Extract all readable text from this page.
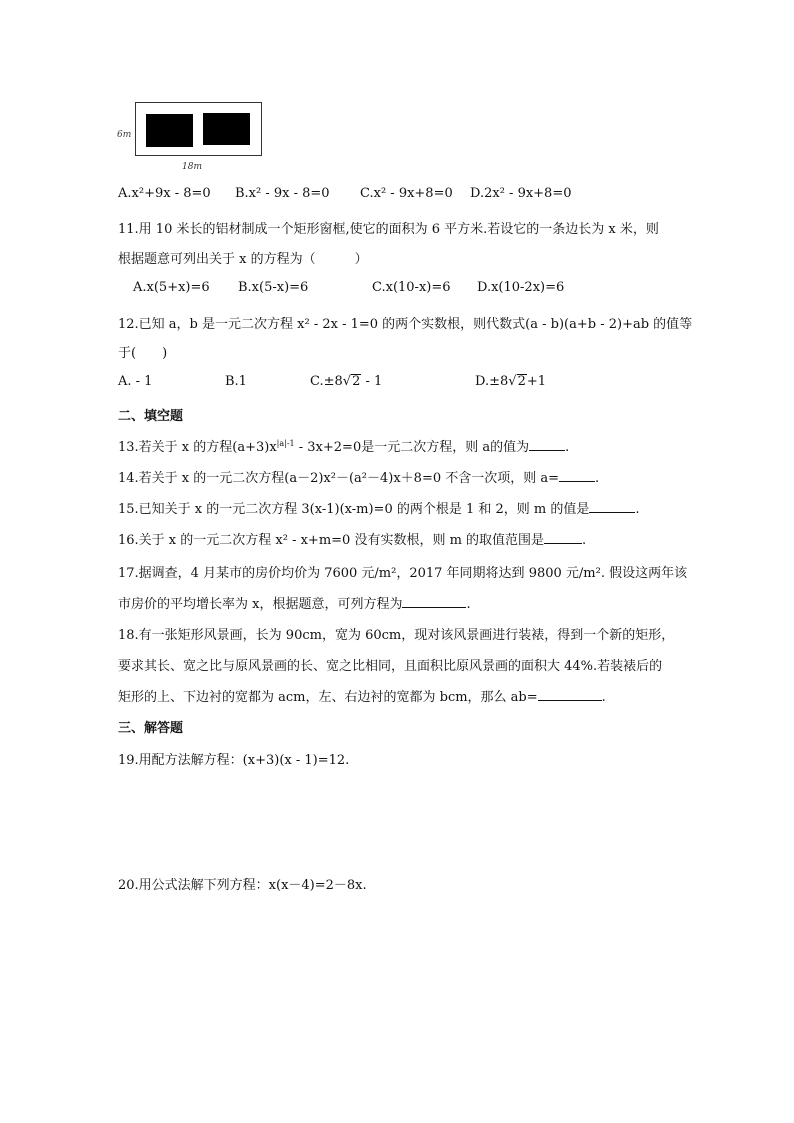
6m
18m
A.x²+9x - 8=0 B.x² - 9x - 8=0 C.x² - 9x+8=0 D.2x² - 9x+8=0
11.用 10 米长的铝材制成一个矩形窗框,使它的面积为 6 平方米.若设它的一条边长为 x 米，则
根据题意可列出关于 x 的方程为（　　　）
A.x(5+x)=6 B.x(5-x)=6	C.x(10-x)=6 D.x(10-2x)=6
12.已知 a，b 是一元二次方程 x² - 2x - 1=0 的两个实数根，则代数式(a - b)(a+b - 2)+ab 的值等
于(　　)
A. - 1	B.1	C.±8√2 - 1	D.±8√2+1
二、填空题
13.若关于 x 的方程$(a+3)x^{|a|-1} - 3x+2=0$是一元二次方程，则 a的值为	.
14.若关于 x 的一元二次方程(a－2)x²－(a²－4)x＋8=0 不含一次项，则 a=	.
15.已知关于 x 的一元二次方程 3(x-1)(x-m)=0 的两个根是 1 和 2，则 m 的值是	.
16.关于 x 的一元二次方程 x² - x+m=0 没有实数根，则 m 的取值范围是	.
17.据调查，4 月某市的房价均价为 7600 元/m²，2017 年同期将达到 9800 元/m². 假设这两年该
市房价的平均增长率为 x，根据题意，可列方程为	.
18.有一张矩形风景画，长为 90cm，宽为 60cm，现对该风景画进行装裱，得到一个新的矩形，
要求其长、宽之比与原风景画的长、宽之比相同，且面积比原风景画的面积大 44%.若装裱后的
矩形的上、下边衬的宽都为 acm，左、右边衬的宽都为 bcm，那么 ab=	.
三、解答题
19.用配方法解方程：(x+3)(x - 1)=12.
20.用公式法解下列方程：x(x－4)=2－8x.
